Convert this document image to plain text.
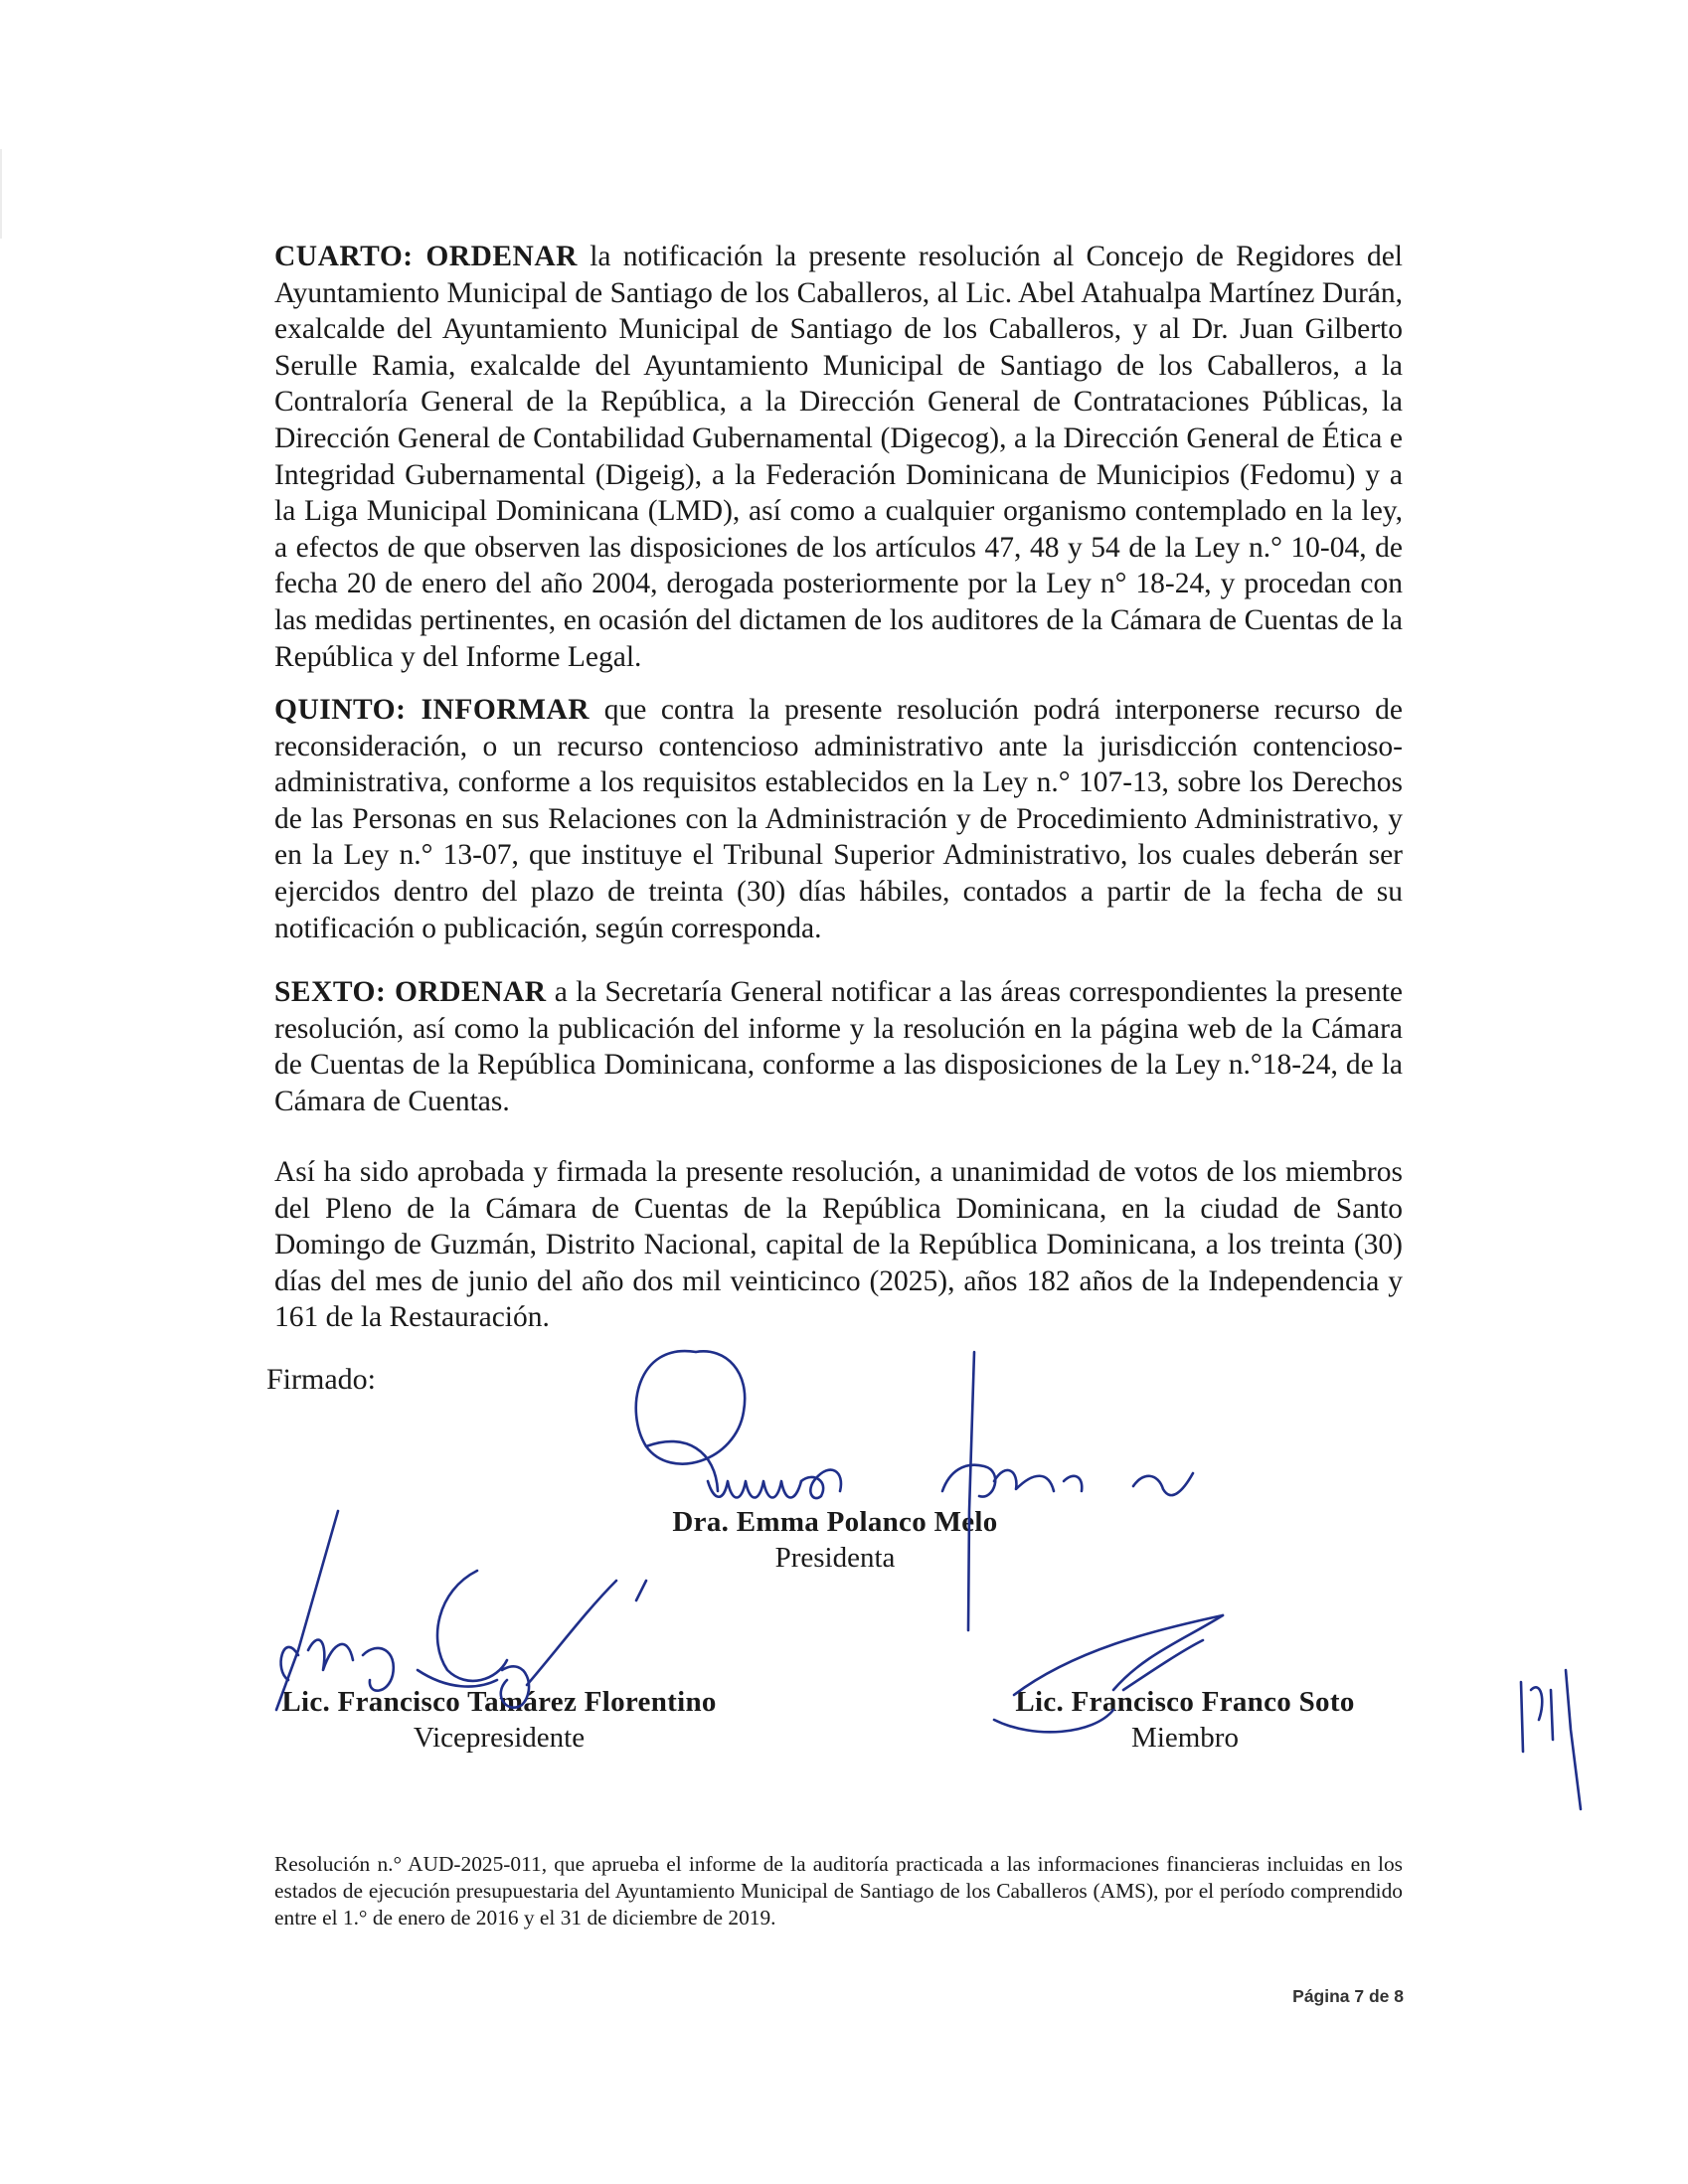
CUARTO: ORDENAR la notificación la presente resolución al Concejo de Regidores del Ayuntamiento Municipal de Santiago de los Caballeros, al Lic. Abel Atahualpa Martínez Durán, exalcalde del Ayuntamiento Municipal de Santiago de los Caballeros, y al Dr. Juan Gilberto Serulle Ramia, exalcalde del Ayuntamiento Municipal de Santiago de los Caballeros, a la Contraloría General de la República, a la Dirección General de Contrataciones Públicas, la Dirección General de Contabilidad Gubernamental (Digecog), a la Dirección General de Ética e Integridad Gubernamental (Digeig), a la Federación Dominicana de Municipios (Fedomu) y a la Liga Municipal Dominicana (LMD), así como a cualquier organismo contemplado en la ley, a efectos de que observen las disposiciones de los artículos 47, 48 y 54 de la Ley n.° 10-04, de fecha 20 de enero del año 2004, derogada posteriormente por la Ley n° 18-24, y procedan con las medidas pertinentes, en ocasión del dictamen de los auditores de la Cámara de Cuentas de la República y del Informe Legal.

QUINTO: INFORMAR que contra la presente resolución podrá interponerse recurso de reconsideración, o un recurso contencioso administrativo ante la jurisdicción contencioso-administrativa, conforme a los requisitos establecidos en la Ley n.° 107-13, sobre los Derechos de las Personas en sus Relaciones con la Administración y de Procedimiento Administrativo, y en la Ley n.° 13-07, que instituye el Tribunal Superior Administrativo, los cuales deberán ser ejercidos dentro del plazo de treinta (30) días hábiles, contados a partir de la fecha de su notificación o publicación, según corresponda.

SEXTO: ORDENAR a la Secretaría General notificar a las áreas correspondientes la presente resolución, así como la publicación del informe y la resolución en la página web de la Cámara de Cuentas de la República Dominicana, conforme a las disposiciones de la Ley n.°18-24, de la Cámara de Cuentas.

Así ha sido aprobada y firmada la presente resolución, a unanimidad de votos de los miembros del Pleno de la Cámara de Cuentas de la República Dominicana, en la ciudad de Santo Domingo de Guzmán, Distrito Nacional, capital de la República Dominicana, a los treinta (30) días del mes de junio del año dos mil veinticinco (2025), años 182 años de la Independencia y 161 de la Restauración.

Firmado:
Dra. Emma Polanco Melo
Presidenta
Lic. Francisco Tamárez Florentino
Vicepresidente
Lic. Francisco Franco Soto
Miembro
Resolución n.° AUD-2025-011, que aprueba el informe de la auditoría practicada a las informaciones financieras incluidas en los estados de ejecución presupuestaria del Ayuntamiento Municipal de Santiago de los Caballeros (AMS), por el período comprendido entre el 1.° de enero de 2016 y el 31 de diciembre de 2019.
Página 7 de 8
